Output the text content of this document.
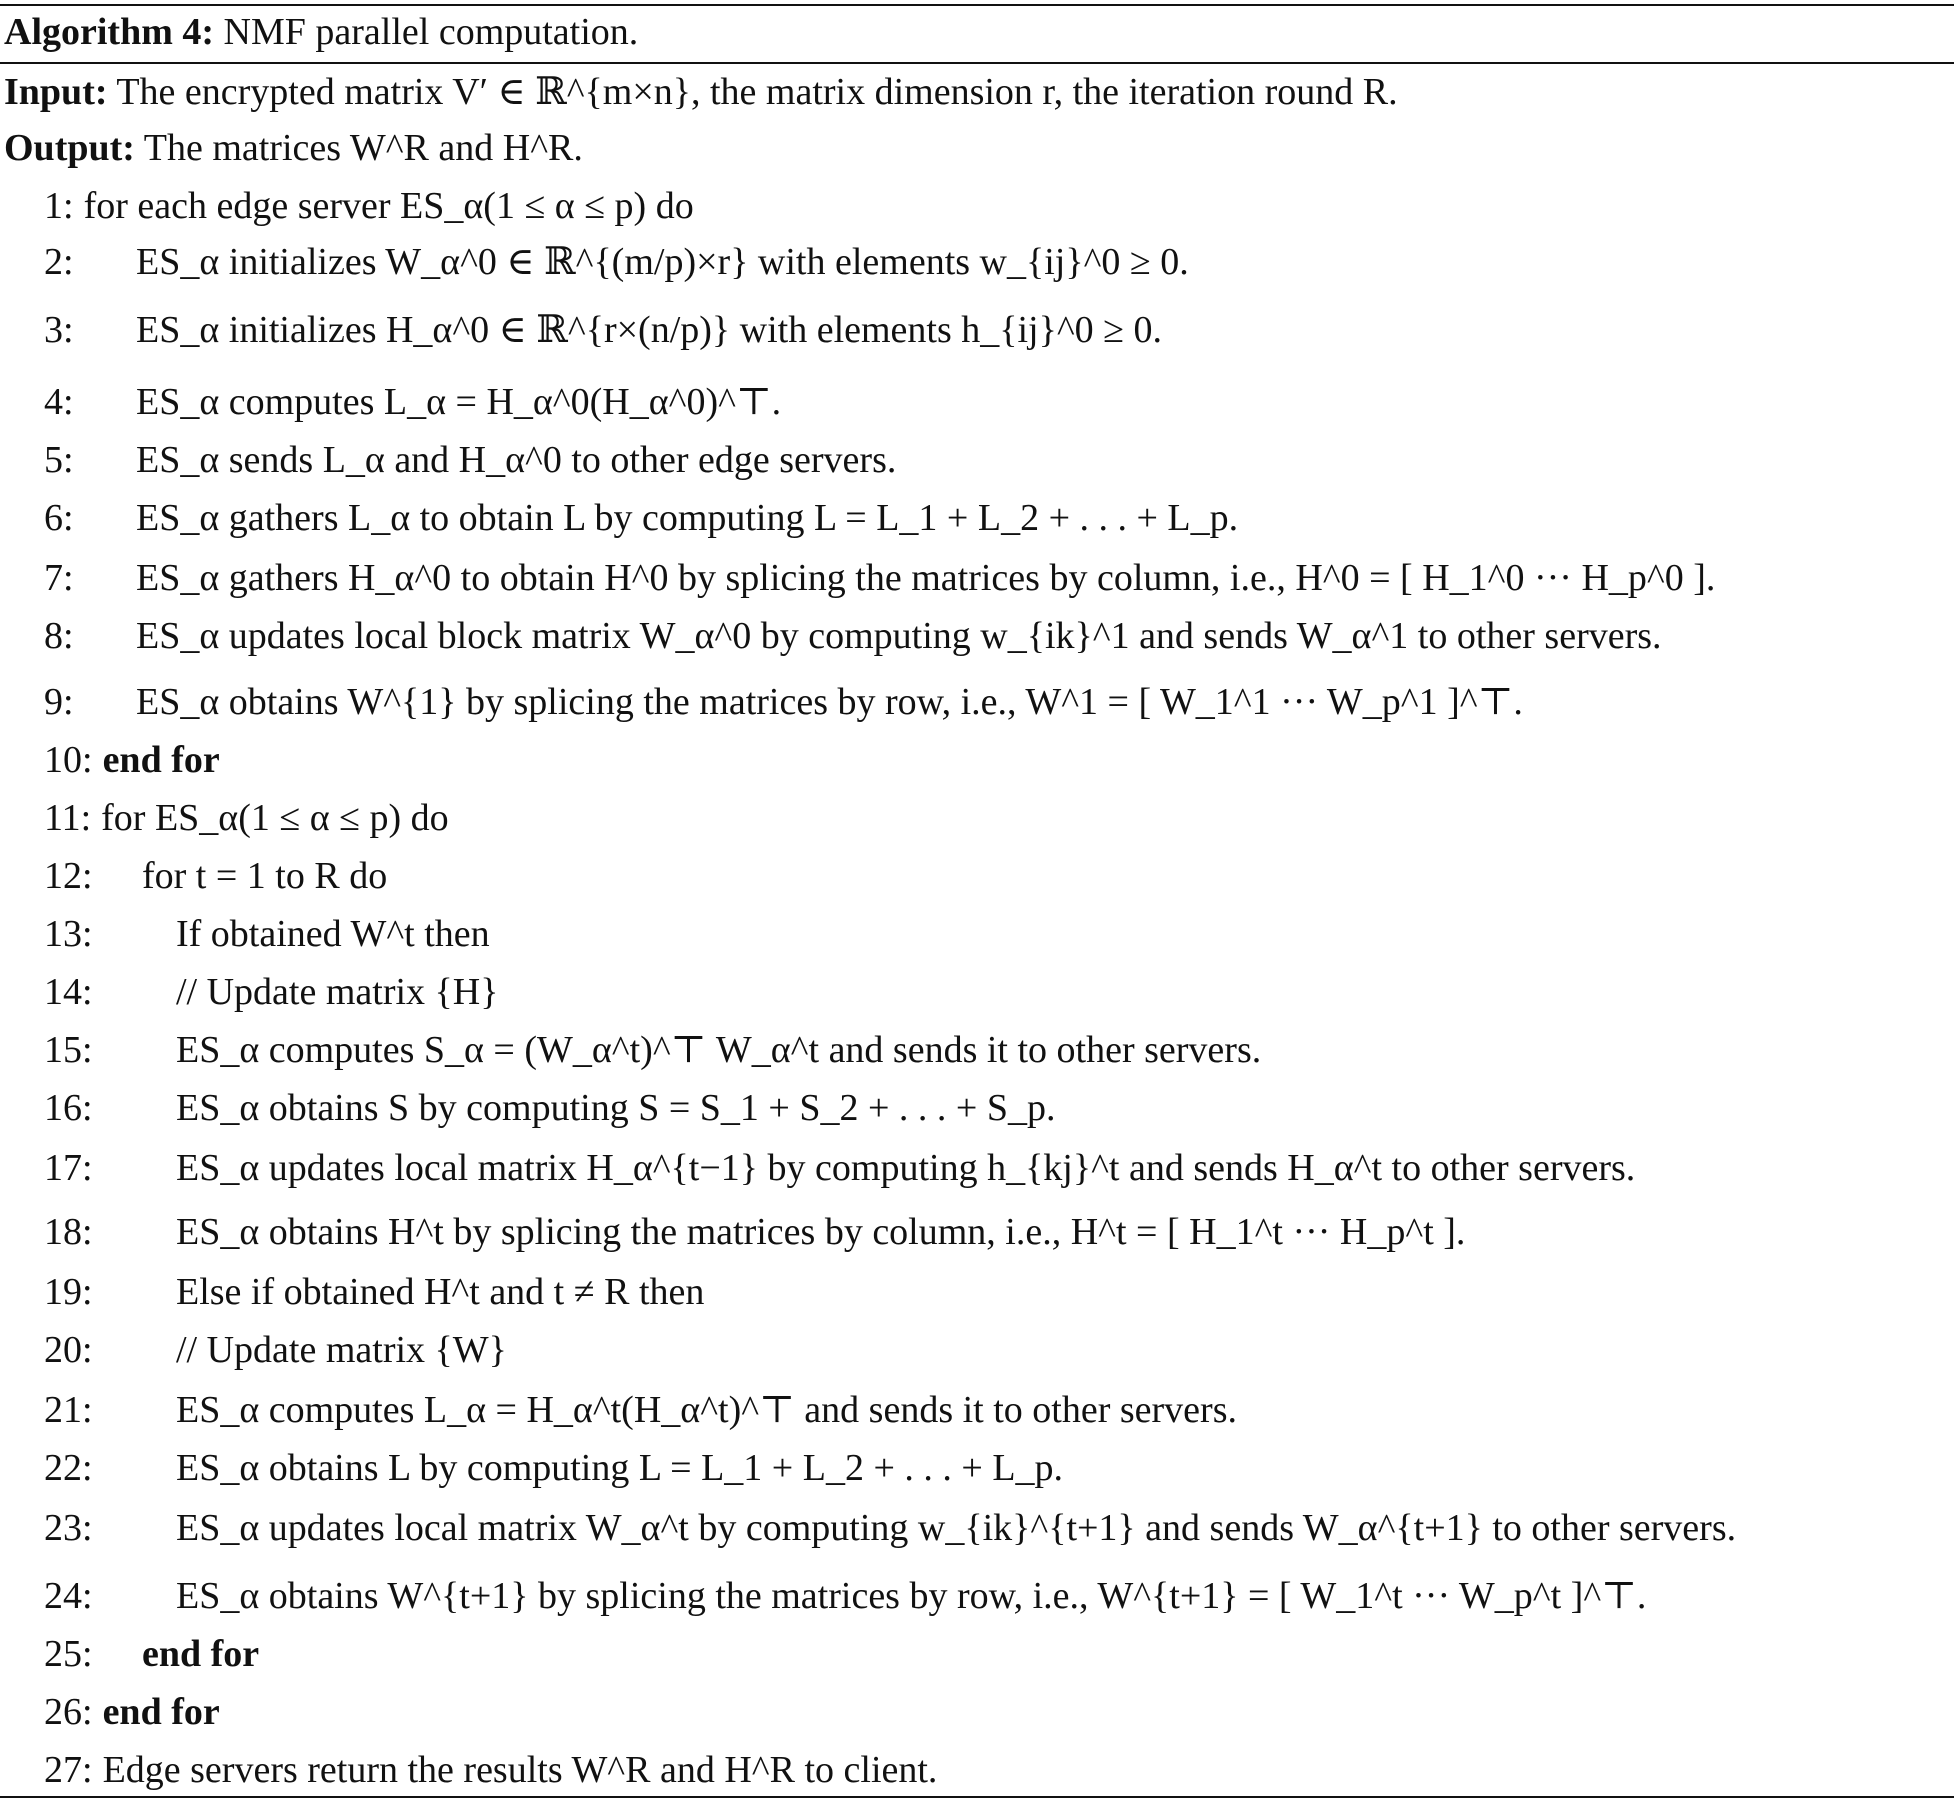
Algorithm 4: NMF parallel computation.
Input: The encrypted matrix V′ ∈ ℝ^{m×n}, the matrix dimension r, the iteration round R.
Output: The matrices W^R and H^R.
1: for each edge server ES_α(1 ≤ α ≤ p) do
2: ES_α initializes W_α^0 ∈ ℝ^{(m/p)×r} with elements w_{ij}^0 ≥ 0.
3: ES_α initializes H_α^0 ∈ ℝ^{r×(n/p)} with elements h_{ij}^0 ≥ 0.
4: ES_α computes L_α = H_α^0(H_α^0)^⊤.
5: ES_α sends L_α and H_α^0 to other edge servers.
6: ES_α gathers L_α to obtain L by computing L = L_1 + L_2 + . . . + L_p.
7: ES_α gathers H_α^0 to obtain H^0 by splicing the matrices by column, i.e., H^0 = [ H_1^0 ··· H_p^0 ].
8: ES_α updates local block matrix W_α^0 by computing w_{ik}^1 and sends W_α^1 to other servers.
9: ES_α obtains W^{1} by splicing the matrices by row, i.e., W^1 = [ W_1^1 ··· W_p^1 ]^⊤.
10: end for
11: for ES_α(1 ≤ α ≤ p) do
12: for t = 1 to R do
13: If obtained W^t then
14: // Update matrix {H}
15: ES_α computes S_α = (W_α^t)^⊤ W_α^t and sends it to other servers.
16: ES_α obtains S by computing S = S_1 + S_2 + . . . + S_p.
17: ES_α updates local matrix H_α^{t−1} by computing h_{kj}^t and sends H_α^t to other servers.
18: ES_α obtains H^t by splicing the matrices by column, i.e., H^t = [ H_1^t ··· H_p^t ].
19: Else if obtained H^t and t ≠ R then
20: // Update matrix {W}
21: ES_α computes L_α = H_α^t(H_α^t)^⊤ and sends it to other servers.
22: ES_α obtains L by computing L = L_1 + L_2 + . . . + L_p.
23: ES_α updates local matrix W_α^t by computing w_{ik}^{t+1} and sends W_α^{t+1} to other servers.
24: ES_α obtains W^{t+1} by splicing the matrices by row, i.e., W^{t+1} = [ W_1^t ··· W_p^t ]^⊤.
25: end for
26: end for
27: Edge servers return the results W^R and H^R to client.
